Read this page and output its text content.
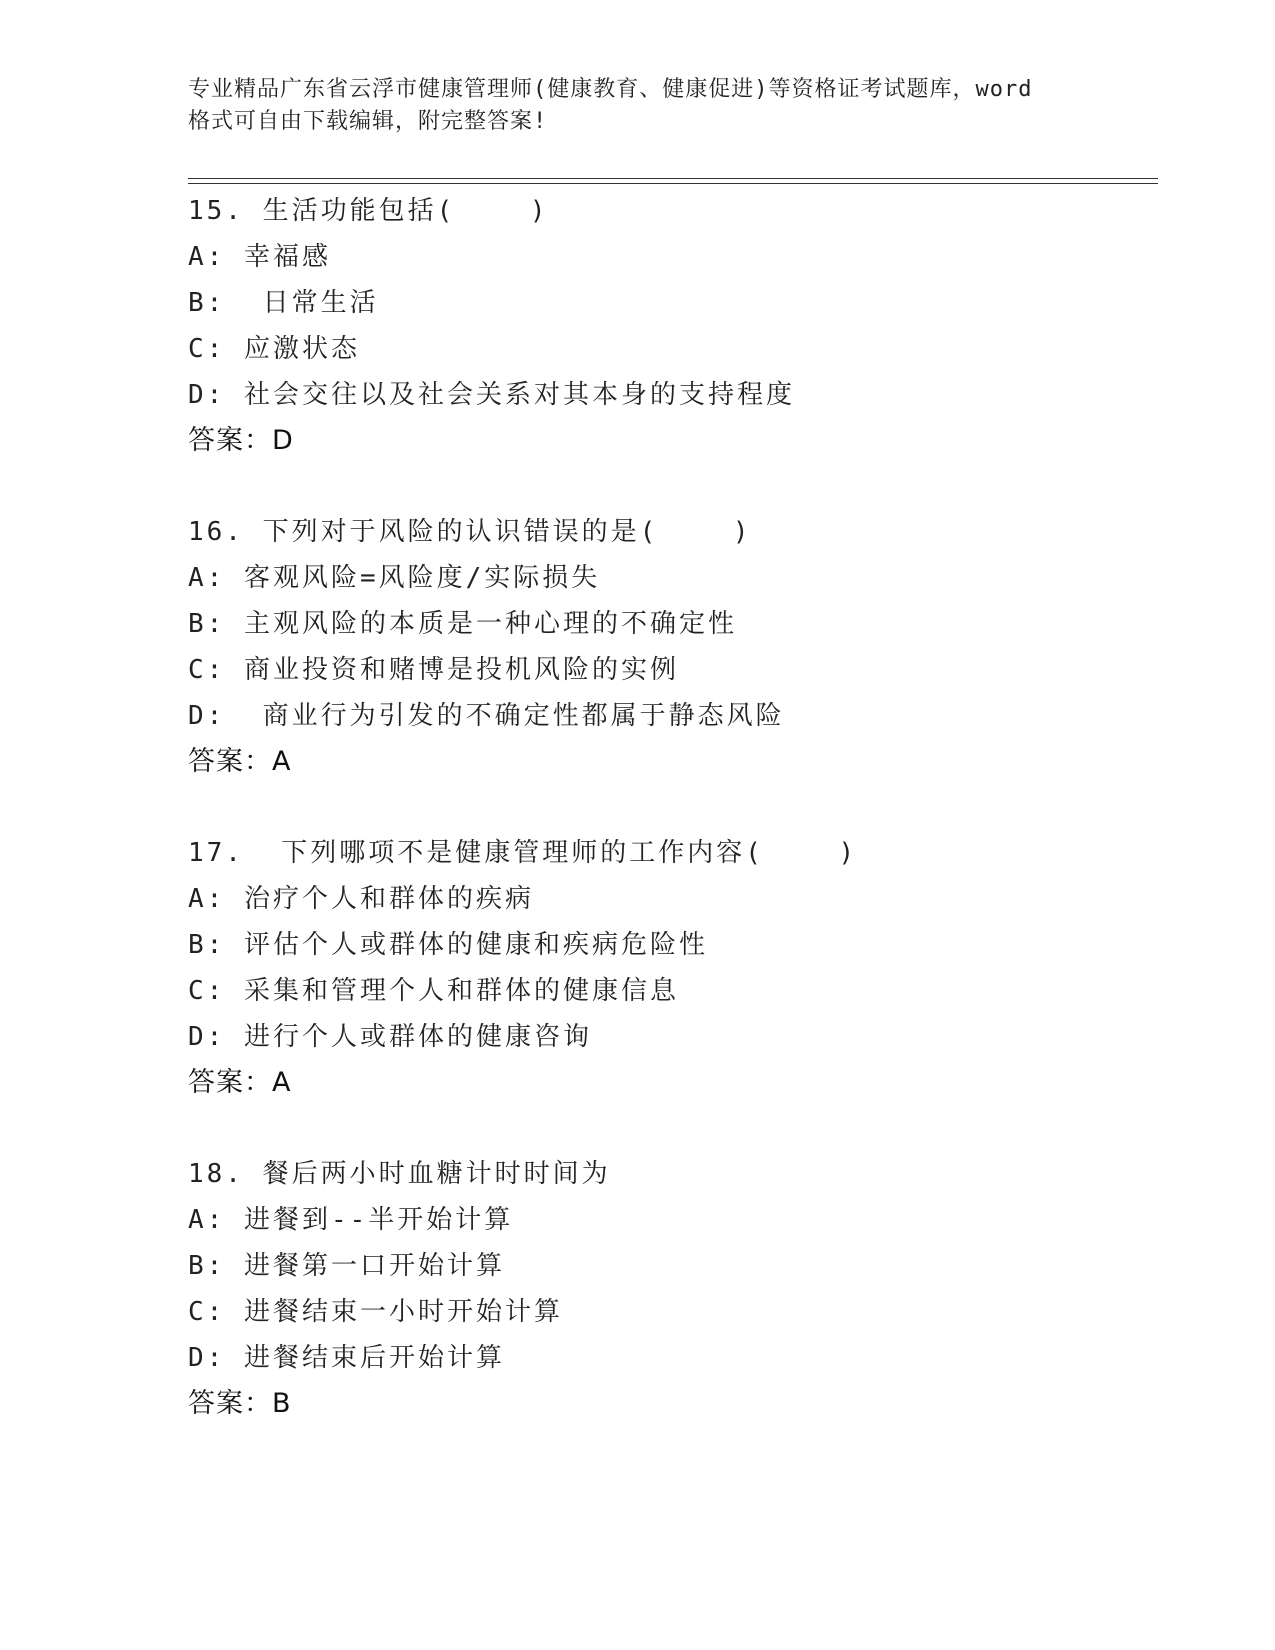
专业精品广东省云浮市健康管理师(健康教育、健康促进)等资格证考试题库，word
格式可自由下载编辑，附完整答案!
15. 生活功能包括(    )
A: 幸福感
B:  日常生活
C: 应激状态
D: 社会交往以及社会关系对其本身的支持程度
答案：D
16. 下列对于风险的认识错误的是(    )
A: 客观风险=风险度/实际损失
B: 主观风险的本质是一种心理的不确定性
C: 商业投资和赌博是投机风险的实例
D:  商业行为引发的不确定性都属于静态风险
答案：A
17.  下列哪项不是健康管理师的工作内容(    )
A: 治疗个人和群体的疾病
B: 评估个人或群体的健康和疾病危险性
C: 采集和管理个人和群体的健康信息
D: 进行个人或群体的健康咨询
答案：A
18. 餐后两小时血糖计时时间为
A: 进餐到--半开始计算
B: 进餐第一口开始计算
C: 进餐结束一小时开始计算
D: 进餐结束后开始计算
答案：B
